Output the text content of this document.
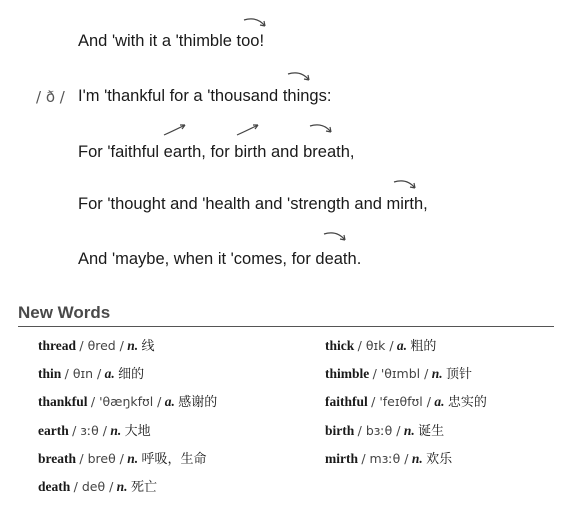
And 'with it a 'thimble too!
/ ð / I'm 'thankful for a 'thousand things:
For 'faithful earth, for birth and breath,
For 'thought and 'health and 'strength and mirth,
And 'maybe, when it 'comes, for death.
New Words
thread / θred / n. 线
thin / θɪn / a. 细的
thankful / 'θæŋkfʊl / a. 感谢的
earth / ɜːθ / n. 大地
breath / breθ / n. 呼吸，生命
death / deθ / n. 死亡
thick / θɪk / a. 粗的
thimble / 'θɪmbl / n. 顶针
faithful / 'feɪθfʊl / a. 忠实的
birth / bɜːθ / n. 诞生
mirth / mɜːθ / n. 欢乐
